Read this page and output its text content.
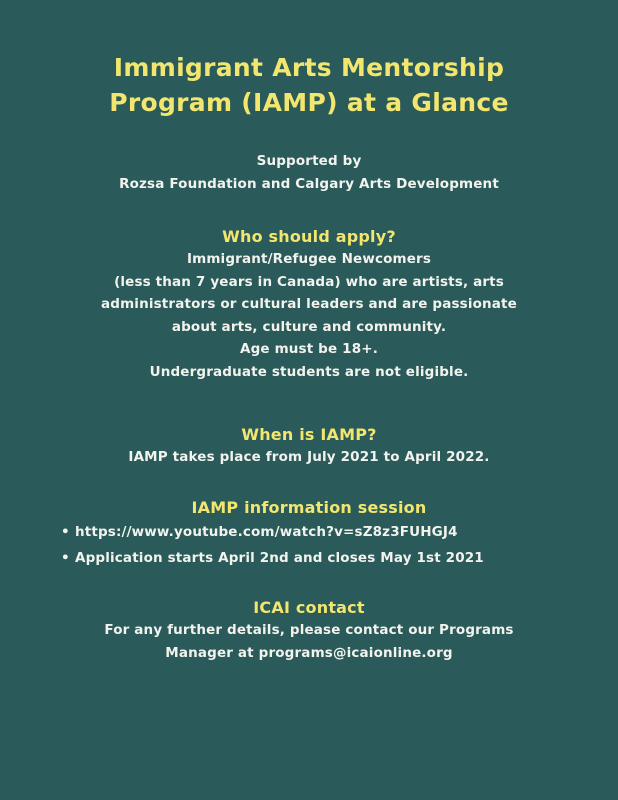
Immigrant Arts Mentorship
Program (IAMP) at a Glance

Supported by
Rozsa Foundation and Calgary Arts Development

Who should apply?

Immigrant/Refugee Newcomers
(less than 7 years in Canada) who are artists, arts
administrators or cultural leaders and are passionate
about arts, culture and community.
Age must be 18+.
Undergraduate students are not eligible.

When is IAMP?

IAMP takes place from July 2021 to April 2022.

IAMP information session
• https://www.youtube.com/watch?v=sZ8z3FUHGJ4
• Application starts April 2nd and closes May 1st 2021
ICAI contact

For any further details, please contact our Programs
Manager at programs@icaionline.org
